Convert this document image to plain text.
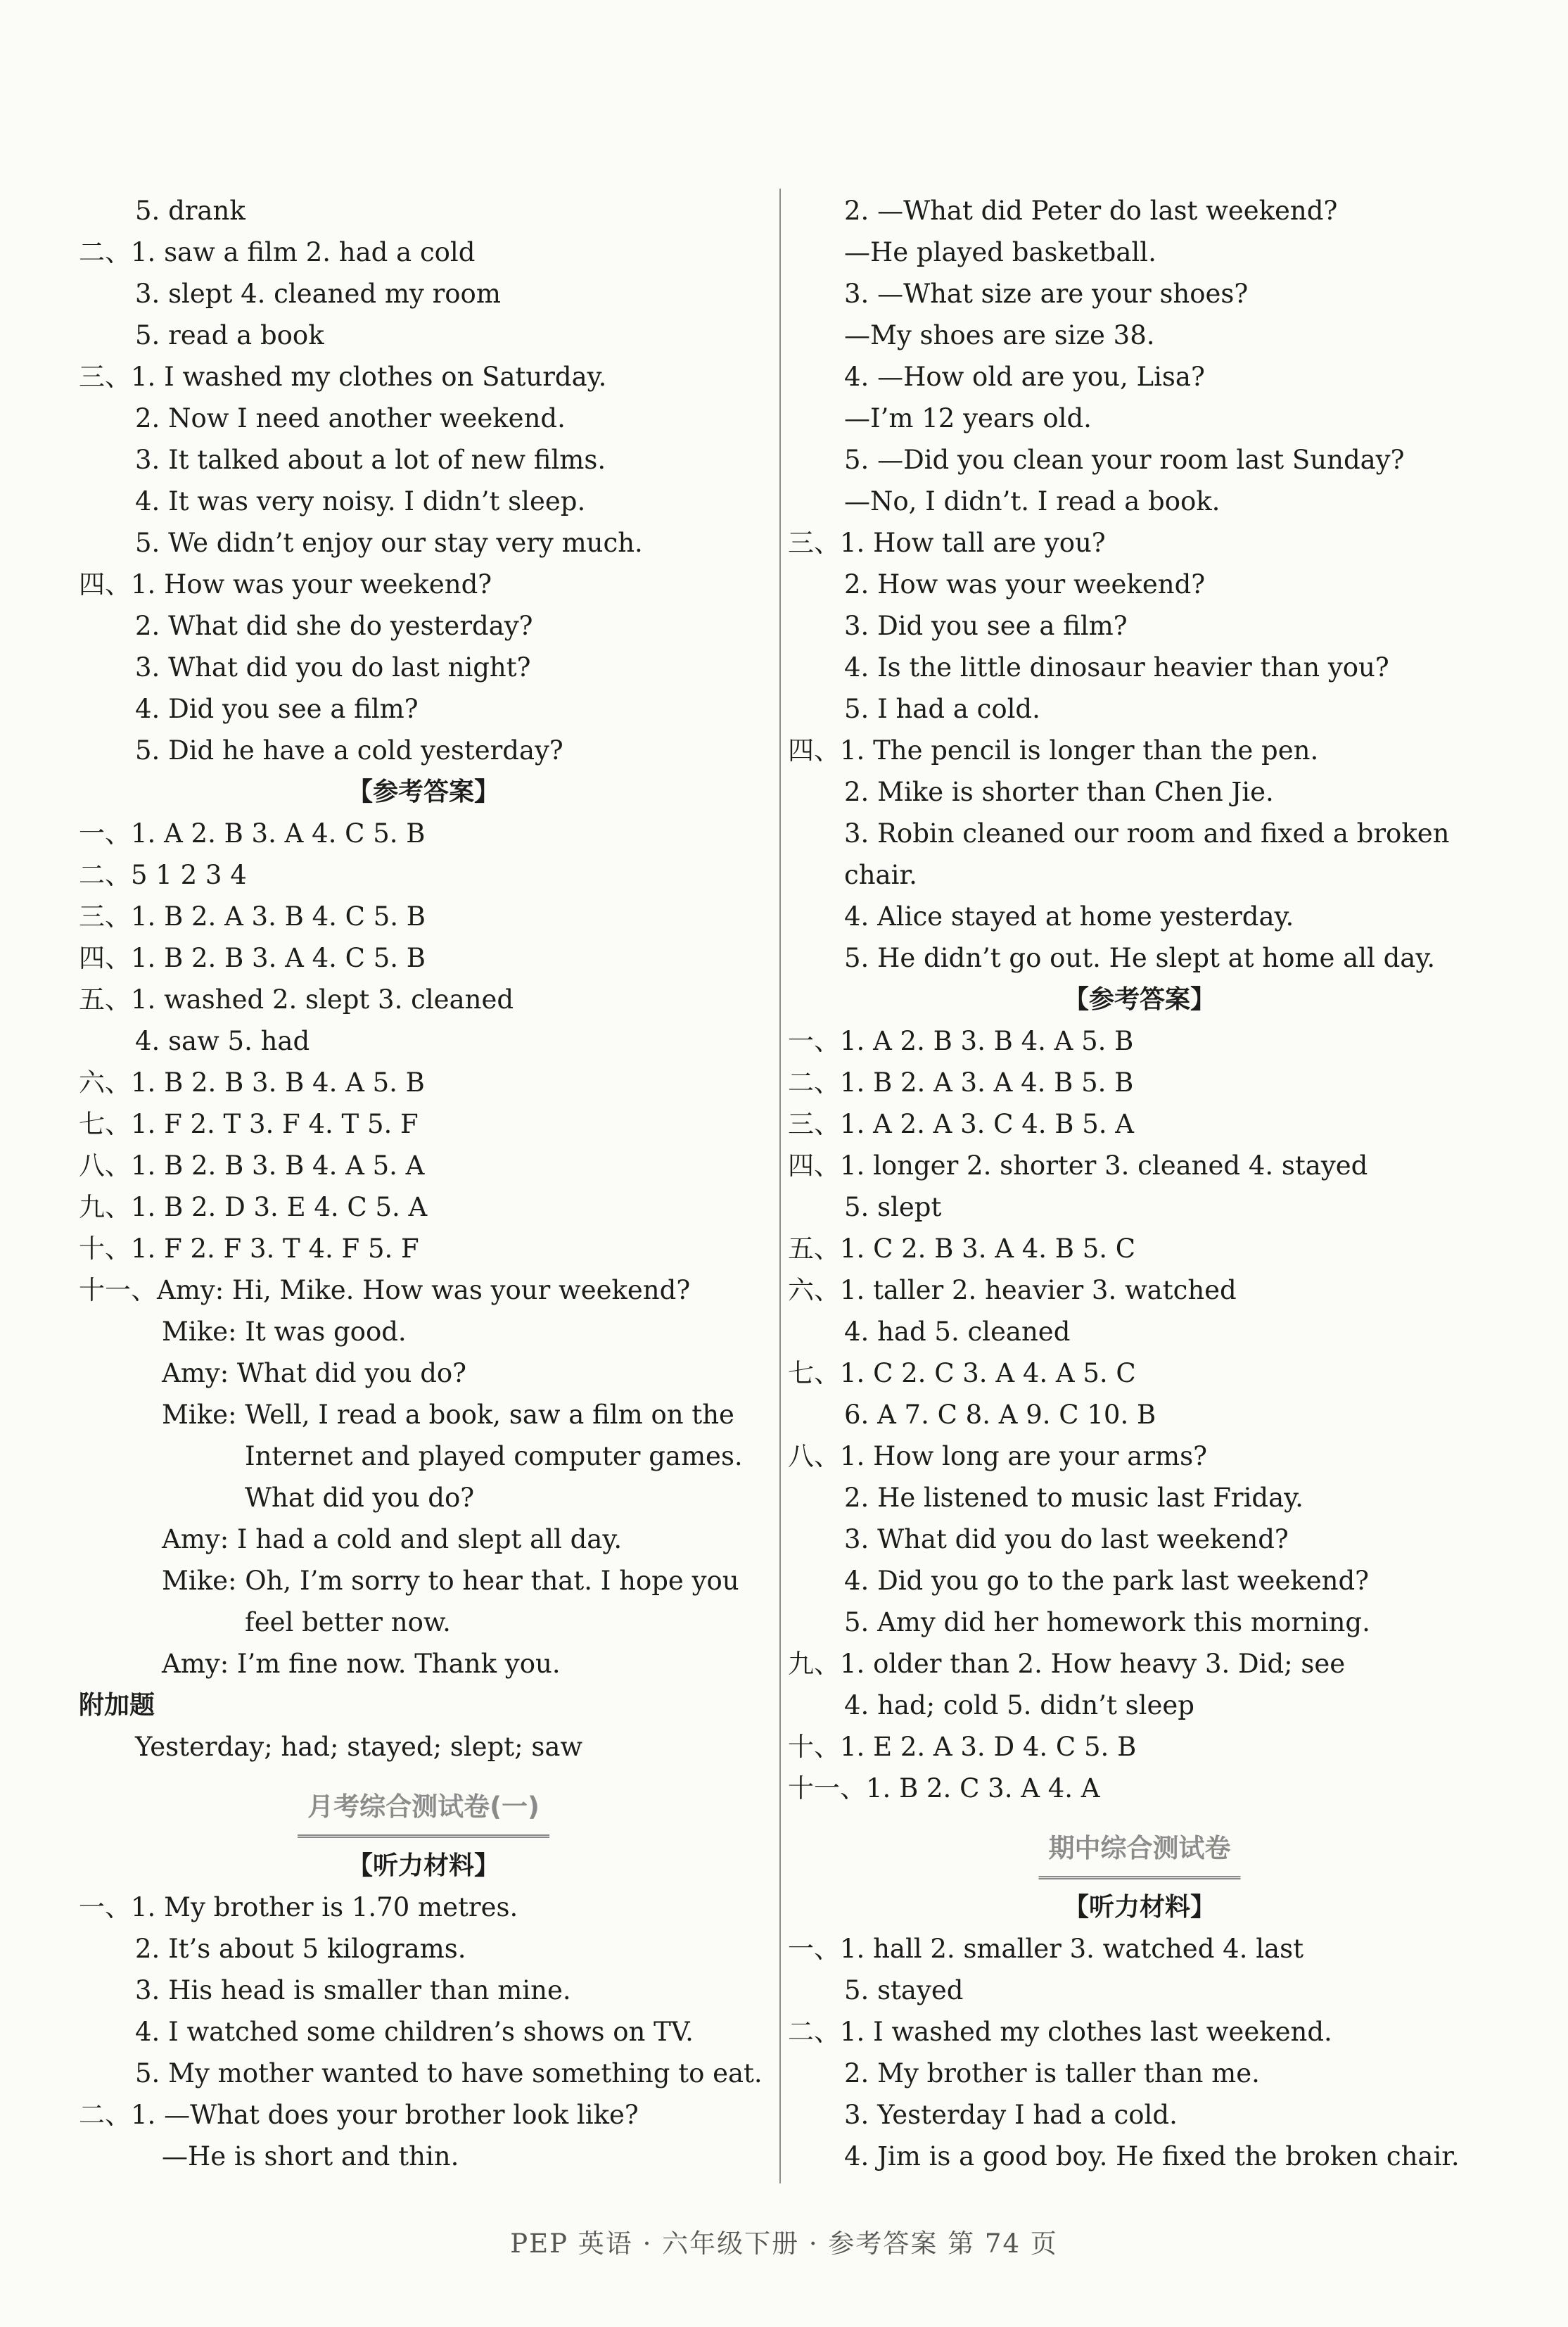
5. drank
二、1. saw a film 2. had a cold
3. slept 4. cleaned my room
5. read a book
三、1. I washed my clothes on Saturday.
2. Now I need another weekend.
3. It talked about a lot of new films.
4. It was very noisy. I didn’t sleep.
5. We didn’t enjoy our stay very much.
四、1. How was your weekend?
2. What did she do yesterday?
3. What did you do last night?
4. Did you see a film?
5. Did he have a cold yesterday?
【参考答案】
一、1. A 2. B 3. A 4. C 5. B
二、5 1 2 3 4
三、1. B 2. A 3. B 4. C 5. B
四、1. B 2. B 3. A 4. C 5. B
五、1. washed 2. slept 3. cleaned
4. saw 5. had
六、1. B 2. B 3. B 4. A 5. B
七、1. F 2. T 3. F 4. T 5. F
八、1. B 2. B 3. B 4. A 5. A
九、1. B 2. D 3. E 4. C 5. A
十、1. F 2. F 3. T 4. F 5. F
十一、Amy: Hi, Mike. How was your weekend?
Mike: It was good.
Amy: What did you do?
Mike: Well, I read a book, saw a film on the
Internet and played computer games.
What did you do?
Amy: I had a cold and slept all day.
Mike: Oh, I’m sorry to hear that. I hope you
feel better now.
Amy: I’m fine now. Thank you.
附加题
Yesterday; had; stayed; slept; saw
月考综合测试卷(一)
【听力材料】
一、1. My brother is 1.70 metres.
2. It’s about 5 kilograms.
3. His head is smaller than mine.
4. I watched some children’s shows on TV.
5. My mother wanted to have something to eat.
二、1. —What does your brother look like?
—He is short and thin.
2. —What did Peter do last weekend?
—He played basketball.
3. —What size are your shoes?
—My shoes are size 38.
4. —How old are you, Lisa?
—I’m 12 years old.
5. —Did you clean your room last Sunday?
—No, I didn’t. I read a book.
三、1. How tall are you?
2. How was your weekend?
3. Did you see a film?
4. Is the little dinosaur heavier than you?
5. I had a cold.
四、1. The pencil is longer than the pen.
2. Mike is shorter than Chen Jie.
3. Robin cleaned our room and fixed a broken
chair.
4. Alice stayed at home yesterday.
5. He didn’t go out. He slept at home all day.
【参考答案】
一、1. A 2. B 3. B 4. A 5. B
二、1. B 2. A 3. A 4. B 5. B
三、1. A 2. A 3. C 4. B 5. A
四、1. longer 2. shorter 3. cleaned 4. stayed
5. slept
五、1. C 2. B 3. A 4. B 5. C
六、1. taller 2. heavier 3. watched
4. had 5. cleaned
七、1. C 2. C 3. A 4. A 5. C
6. A 7. C 8. A 9. C 10. B
八、1. How long are your arms?
2. He listened to music last Friday.
3. What did you do last weekend?
4. Did you go to the park last weekend?
5. Amy did her homework this morning.
九、1. older than 2. How heavy 3. Did; see
4. had; cold 5. didn’t sleep
十、1. E 2. A 3. D 4. C 5. B
十一、1. B 2. C 3. A 4. A
期中综合测试卷
【听力材料】
一、1. hall 2. smaller 3. watched 4. last
5. stayed
二、1. I washed my clothes last weekend.
2. My brother is taller than me.
3. Yesterday I had a cold.
4. Jim is a good boy. He fixed the broken chair.
PEP 英语 · 六年级下册 · 参考答案 第 74 页
